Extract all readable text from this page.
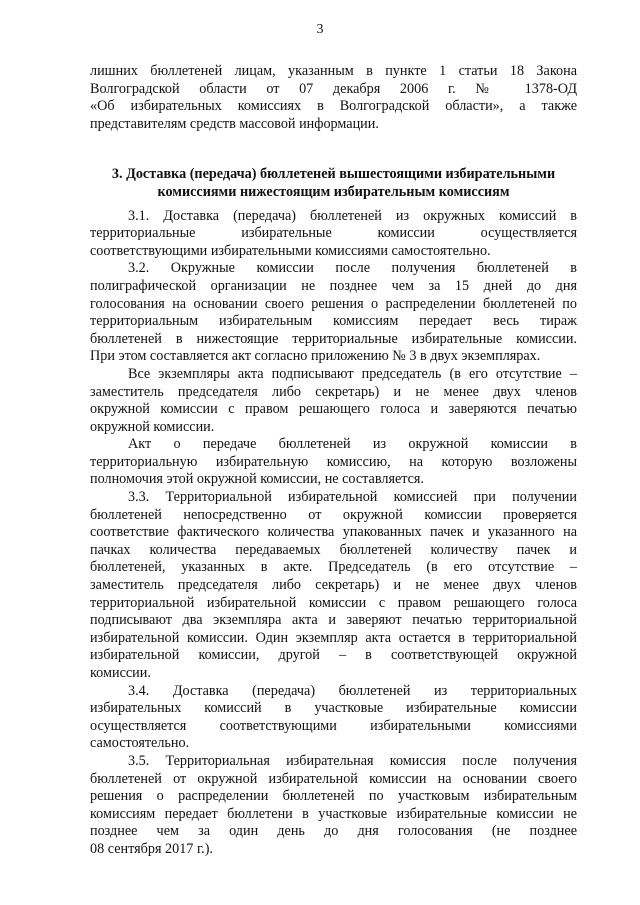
3
лишних бюллетеней лицам, указанным в пункте 1 статьи 18 Закона
Волгоградской области от 07 декабря 2006 г. № 1378-ОД
«Об избирательных комиссиях в Волгоградской области», а также
представителям средств массовой информации.
3. Доставка (передача) бюллетеней вышестоящими избирательными
комиссиями нижестоящим избирательным комиссиям
3.1. Доставка (передача) бюллетеней из окружных комиссий в
территориальные избирательные комиссии осуществляется
соответствующими избирательными комиссиями самостоятельно.
3.2. Окружные комиссии после получения бюллетеней в
полиграфической организации не позднее чем за 15 дней до дня
голосования на основании своего решения о распределении бюллетеней по
территориальным избирательным комиссиям передает весь тираж
бюллетеней в нижестоящие территориальные избирательные комиссии.
При этом составляется акт согласно приложению № 3 в двух экземплярах.
Все экземпляры акта подписывают председатель (в его отсутствие –
заместитель председателя либо секретарь) и не менее двух членов
окружной комиссии с правом решающего голоса и заверяются печатью
окружной комиссии.
Акт о передаче бюллетеней из окружной комиссии в
территориальную избирательную комиссию, на которую возложены
полномочия этой окружной комиссии, не составляется.
3.3. Территориальной избирательной комиссией при получении
бюллетеней непосредственно от окружной комиссии проверяется
соответствие фактического количества упакованных пачек и указанного на
пачках количества передаваемых бюллетеней количеству пачек и
бюллетеней, указанных в акте. Председатель (в его отсутствие –
заместитель председателя либо секретарь) и не менее двух членов
территориальной избирательной комиссии с правом решающего голоса
подписывают два экземпляра акта и заверяют печатью территориальной
избирательной комиссии. Один экземпляр акта остается в территориальной
избирательной комиссии, другой – в соответствующей окружной
комиссии.
3.4. Доставка (передача) бюллетеней из территориальных
избирательных комиссий в участковые избирательные комиссии
осуществляется соответствующими избирательными комиссиями
самостоятельно.
3.5. Территориальная избирательная комиссия после получения
бюллетеней от окружной избирательной комиссии на основании своего
решения о распределении бюллетеней по участковым избирательным
комиссиям передает бюллетени в участковые избирательные комиссии не
позднее чем за один день до дня голосования (не позднее
08 сентября 2017 г.).
